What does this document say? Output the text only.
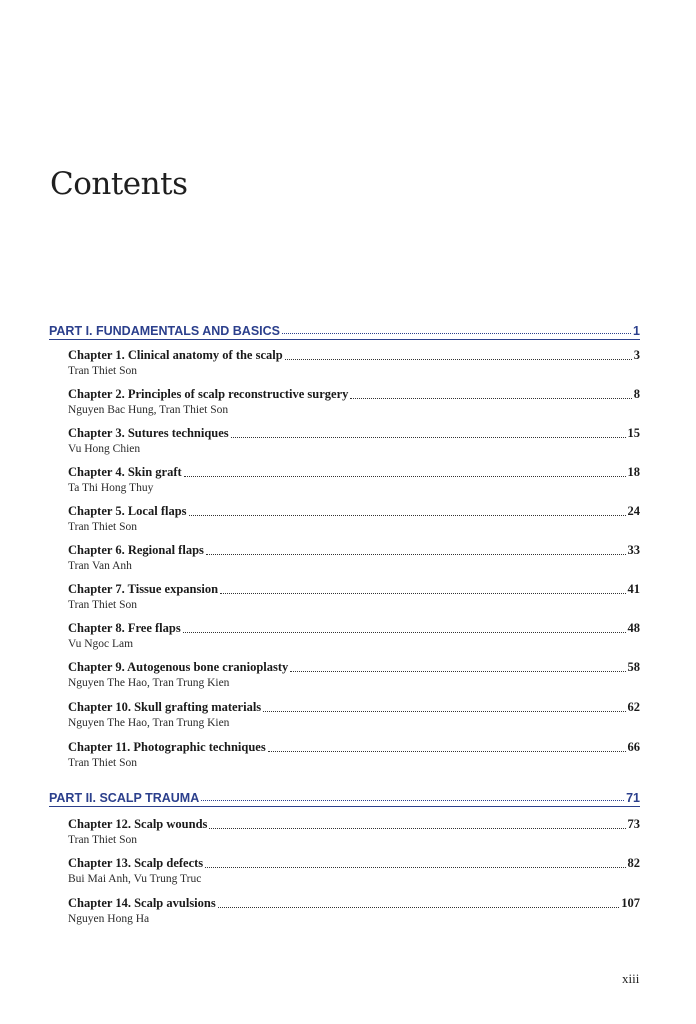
Contents
PART I. FUNDAMENTALS AND BASICS	1
Chapter 1. Clinical anatomy of the scalp	3
Tran Thiet Son
Chapter 2. Principles of scalp reconstructive surgery	8
Nguyen Bac Hung, Tran Thiet Son
Chapter 3. Sutures techniques	15
Vu Hong Chien
Chapter 4. Skin graft	18
Ta Thi Hong Thuy
Chapter 5. Local flaps	24
Tran Thiet Son
Chapter 6. Regional flaps	33
Tran Van Anh
Chapter 7. Tissue expansion	41
Tran Thiet Son
Chapter 8. Free flaps	48
Vu Ngoc Lam
Chapter 9. Autogenous bone cranioplasty	58
Nguyen The Hao, Tran Trung Kien
Chapter 10. Skull grafting materials	62
Nguyen The Hao, Tran Trung Kien
Chapter 11. Photographic techniques	66
Tran Thiet Son
PART II. SCALP TRAUMA	71
Chapter 12. Scalp wounds	73
Tran Thiet Son
Chapter 13. Scalp defects	82
Bui Mai Anh, Vu Trung Truc
Chapter 14. Scalp avulsions	107
Nguyen Hong Ha
xiii
